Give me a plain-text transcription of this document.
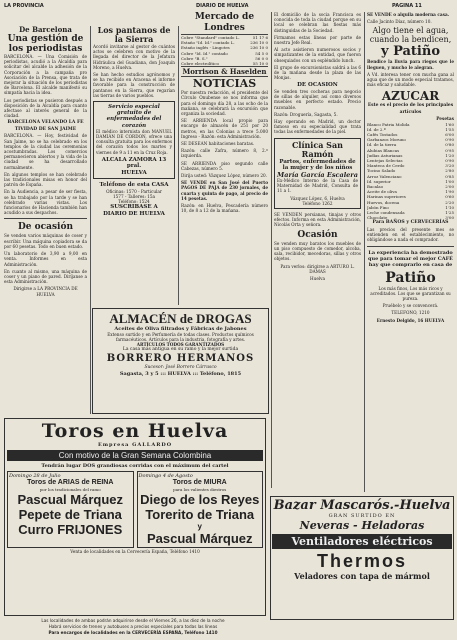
LA PROVINCIA	DIARIO DE HUELVA	PAGINA 11
De Barcelona
Una gestión de los periodistas

BARCELONA. — Una Comisión de periodistas, acudió a la Alcaldía para solicitar del alcalde la adhesión de la Corporación a la campaña pro Asociación de la Prensa, que trata de mejorar la situación de los periodistas de Barcelona. El alcalde manifestó su simpatía hacia la idea.

Los periodistas se pusieron después a disposición de la Alcaldía para cuanto afectase al interés general de la ciudad.

BARCELONA VELANDO LA FE
TIVIDAD DE SAN JAIME

BARCELONA. — Hoy, festividad de San Jaime, no se ha celebrado en los templos de la ciudad las ceremonias acostumbradas. Los comercios permanecieron abiertos y la vida de la ciudad se ha desarrollado normalmente.

En algunos templos se han celebrado las tradicionales misas en honor del patrón de España.

En la Audiencia, a pesar de ser fiesta, se ha trabajado por la tarde y se han celebrado varias vistas. Los funcionarios de Hacienda también han acudido a sus despachos.

De ocasión

Se venden varios máquinas de coser y escribir. Una máquina copiadora se da por 60 pesetas. Todo en buen estado.

Un laboratorio de 3,90 a 9,00 en venta. Informes en esta Administración.

En cuanto al mismo, una máquina de coser y un piano de pared. Diríjanse a esta Administración.

Dirigirse a LA PROVINCIA DE HUELVA

Los pantanos de la Sierra

Acordó invitarse al gestor de cuántos actos se celebren con motivo de la llegada del director de la Jefatura Hidráulica del Guadiana, don Joaquín Moreno, a Huelva.

Se han hecho estudios agrónomos y se ha recibido en Aracena el informe favorable para la construcción de pantanos en la Sierra, que regarían las tierras de varios pueblos.

Servicio especial gratuito de enfermedades del corazón

El médico internista don MANUEL DAMIÁN DE CORDON, ofrece una consulta gratuita para los enfermos del corazón todos los martes y viernes de 9 a 11 en la Cruz Roja.

ALCALA ZAMORA 13 pral.
HUELVA
Teléfono de esta CASA
Oficinas: 1570 - Particular
1577 - Talleres: 15a
Teléfono: 1524
SUSCRIBASE A
DIARIO DE HUELVA
Mercado de Londres
Cobre "Standard" contado L.	51 17 6
Estaño "Id. Id." contado L.	236 10 0
Estaño inglés - Lingotes	236 10 0
Cobre "Id. Id." contado	54 5 0
Cobre "B. S."	56 0 0
Cobre electrolítico	55 10 0
Morrison & Haselden
NOTICIAS

Por nuestra redacción, el presidente del Círculo Onubense se nos informa que para el domingo día 28, a las ocho de la mañana, se celebrará la excursión que organiza la sociedad.

SE ARRIENDA local propio para encargo de almacén de 251 por 20 metros, en las Colonias a trece 5.000 Ingreso - Razón: esta Administración.

SE DESEAN habitaciones baratas.

Razón: calle Zafra, número 8, 2.º izquierda.

SE ARRIENDA piso segundo calle Cabezas, número 5.

Dirija usted: Vázquez López, número 20.

SE VENDE en San José del Puerto PAGOS DE PAJA de 230 jornales, de cuarta y quinta de pago, al precio de 14 pesetas.

Razón: en Huelva, Pescadería número 10, de 8 a 12 de la mañana.

El domicilio de la socia Francisca es conocida de toda la ciudad porque en su local se celebran las fiestas más distinguidas de la Sociedad.

Firmamos estas líneas por parte de nuestra Jefe Real.

Al acto asistieron numerosos socios y simpatizantes de la entidad, que fueron obsequiados con un espléndido lunch.

El grupo de excursionistas saldrá a las 6 de la mañana desde la plaza de las Monjas.

DE OCASION

Se venden tres cocheras para negocio de sillas de alquiler, así como diversos muebles en perfecto estado. Precio razonable.

Razón: Droguería, Sagasta, 5.

Hay operando en Madrid, un doctor famoso en su especialidad que trata todas las enfermedades de la piel.

Clínica San Ramón
Partos, enfermedades de la mujer y de los niños
María García Escalera

Ex-Médico Interno de la Casa de Maternidad de Madrid, Consulta de 11 a 1.

Vázquez López, 6, Huelva
Teléfono 1262

SE VENDEN persianas, tinajas y otros efectos. Informa en esta Administración, Nicolás Orta y señora.

Ocasión

Se venden muy baratos los muebles de un piso compuesto de comedor, alcoba, sala, recibidor, mecedoras, sillas y otros objetos.

Para verlos: dirigirse a ARTURO L. DAMAS

Huelva

SE VENDE o alquila moderna casa.

Calle Jacinto Díaz, número 10.

Algo tiene el agua, cuando la bendicen,
y Patiño

Bendice la lluvia para riegos que le lleguen, y mucho le alegran.

A Vd. interesa tener con mucha gana al agua que de un modo especial tratamos, más eficaz y saludable.

AZUCAR
Este es el precio de los principales artículos
Pesetas
Blanco Patria Molida	1'60
Id. de 2.ª	1'55
Cafés Tostados	6'00
Garbanzos Moruno	0'90
Id. de la tierra	0'80
Alubias Blancas	0'95
Judías Asturianas	1'20
Lentejas Selectas	0'90
Manteca de Cerdo	3'20
Tocino Salado	2'80
Arroz Valenciano	0'85
Id. superior	1'00
Bacalao	2'00
Aceite de oliva	1'90
Harinas superiores	0'60
Huevos, docena	2'20
Jabón Fino	1'10
Leche condensada	1'25
Chocolate	3'00
Para BAÑOS y CERVECERÍAS

Las precios del presente mes se entienden en el establecimiento, no obligándose a nada el comprador.

La experiencia ha demostrado que para tomar el mejor CAFÉ hay que comprarlo en casa de

Patiño

Los más finos, Los más ricos y acreditados. Los que se garantizan su pureza.

Pruébelo y se convencerá.

TELEFONO, 1210

Ernesto Delgido, 16 HUELVA

ALMACÉN de DROGAS
Aceites de Oliva filtrados y Fábricas de Jabones
Extenso surtido y en Perfumería de todas clases. Productos químicos farmacéuticos. Artículos para la industria, fotografía y artes.
ARTÍCULOS TODOS GARANTIZADOS
La casa más antigua en su ramo y la mejor surtida
BORRERO HERMANOS
Sucesor: José Borrero Cárrasco
Sagasta, 3 y 5 ::: HUELVA ::: Teléfono, 1815
Toros en Huelva
Empresa GALLARDO
Con motivo de la Gran Semana Colombina
Tendrán lugar DOS grandiosas corridas con el máximum del cartel
Domingo 28 de Julio
Toros de ARIAS de REINA
por los tradicionales del ramo
Pascual Márquez
Pepete de Triana
Curro FRIJONES
Domingo 4 de Agosto
Toros de MIURA
para los valientes diestros
Diego de los Reyes
Torerito de Triana
y
Pascual Márquez
Venta de localidades en la Cervecería España, Teléfono 1410
Bazar Mascarós.-Huelva
GRAN SURTIDO EN
Neveras - Heladoras
Ventiladores eléctricos
Thermos
Veladores con tapa de mármol
Las localidades de ambas podrán adquirirse desde el Viernes 26, a las diez de la noche
Habrá servicios de trenes y autobuses a precios especiales para todas las líneas
Para encargos de localidades en la CERVECERÍA ESPAÑA, Teléfono 1410
